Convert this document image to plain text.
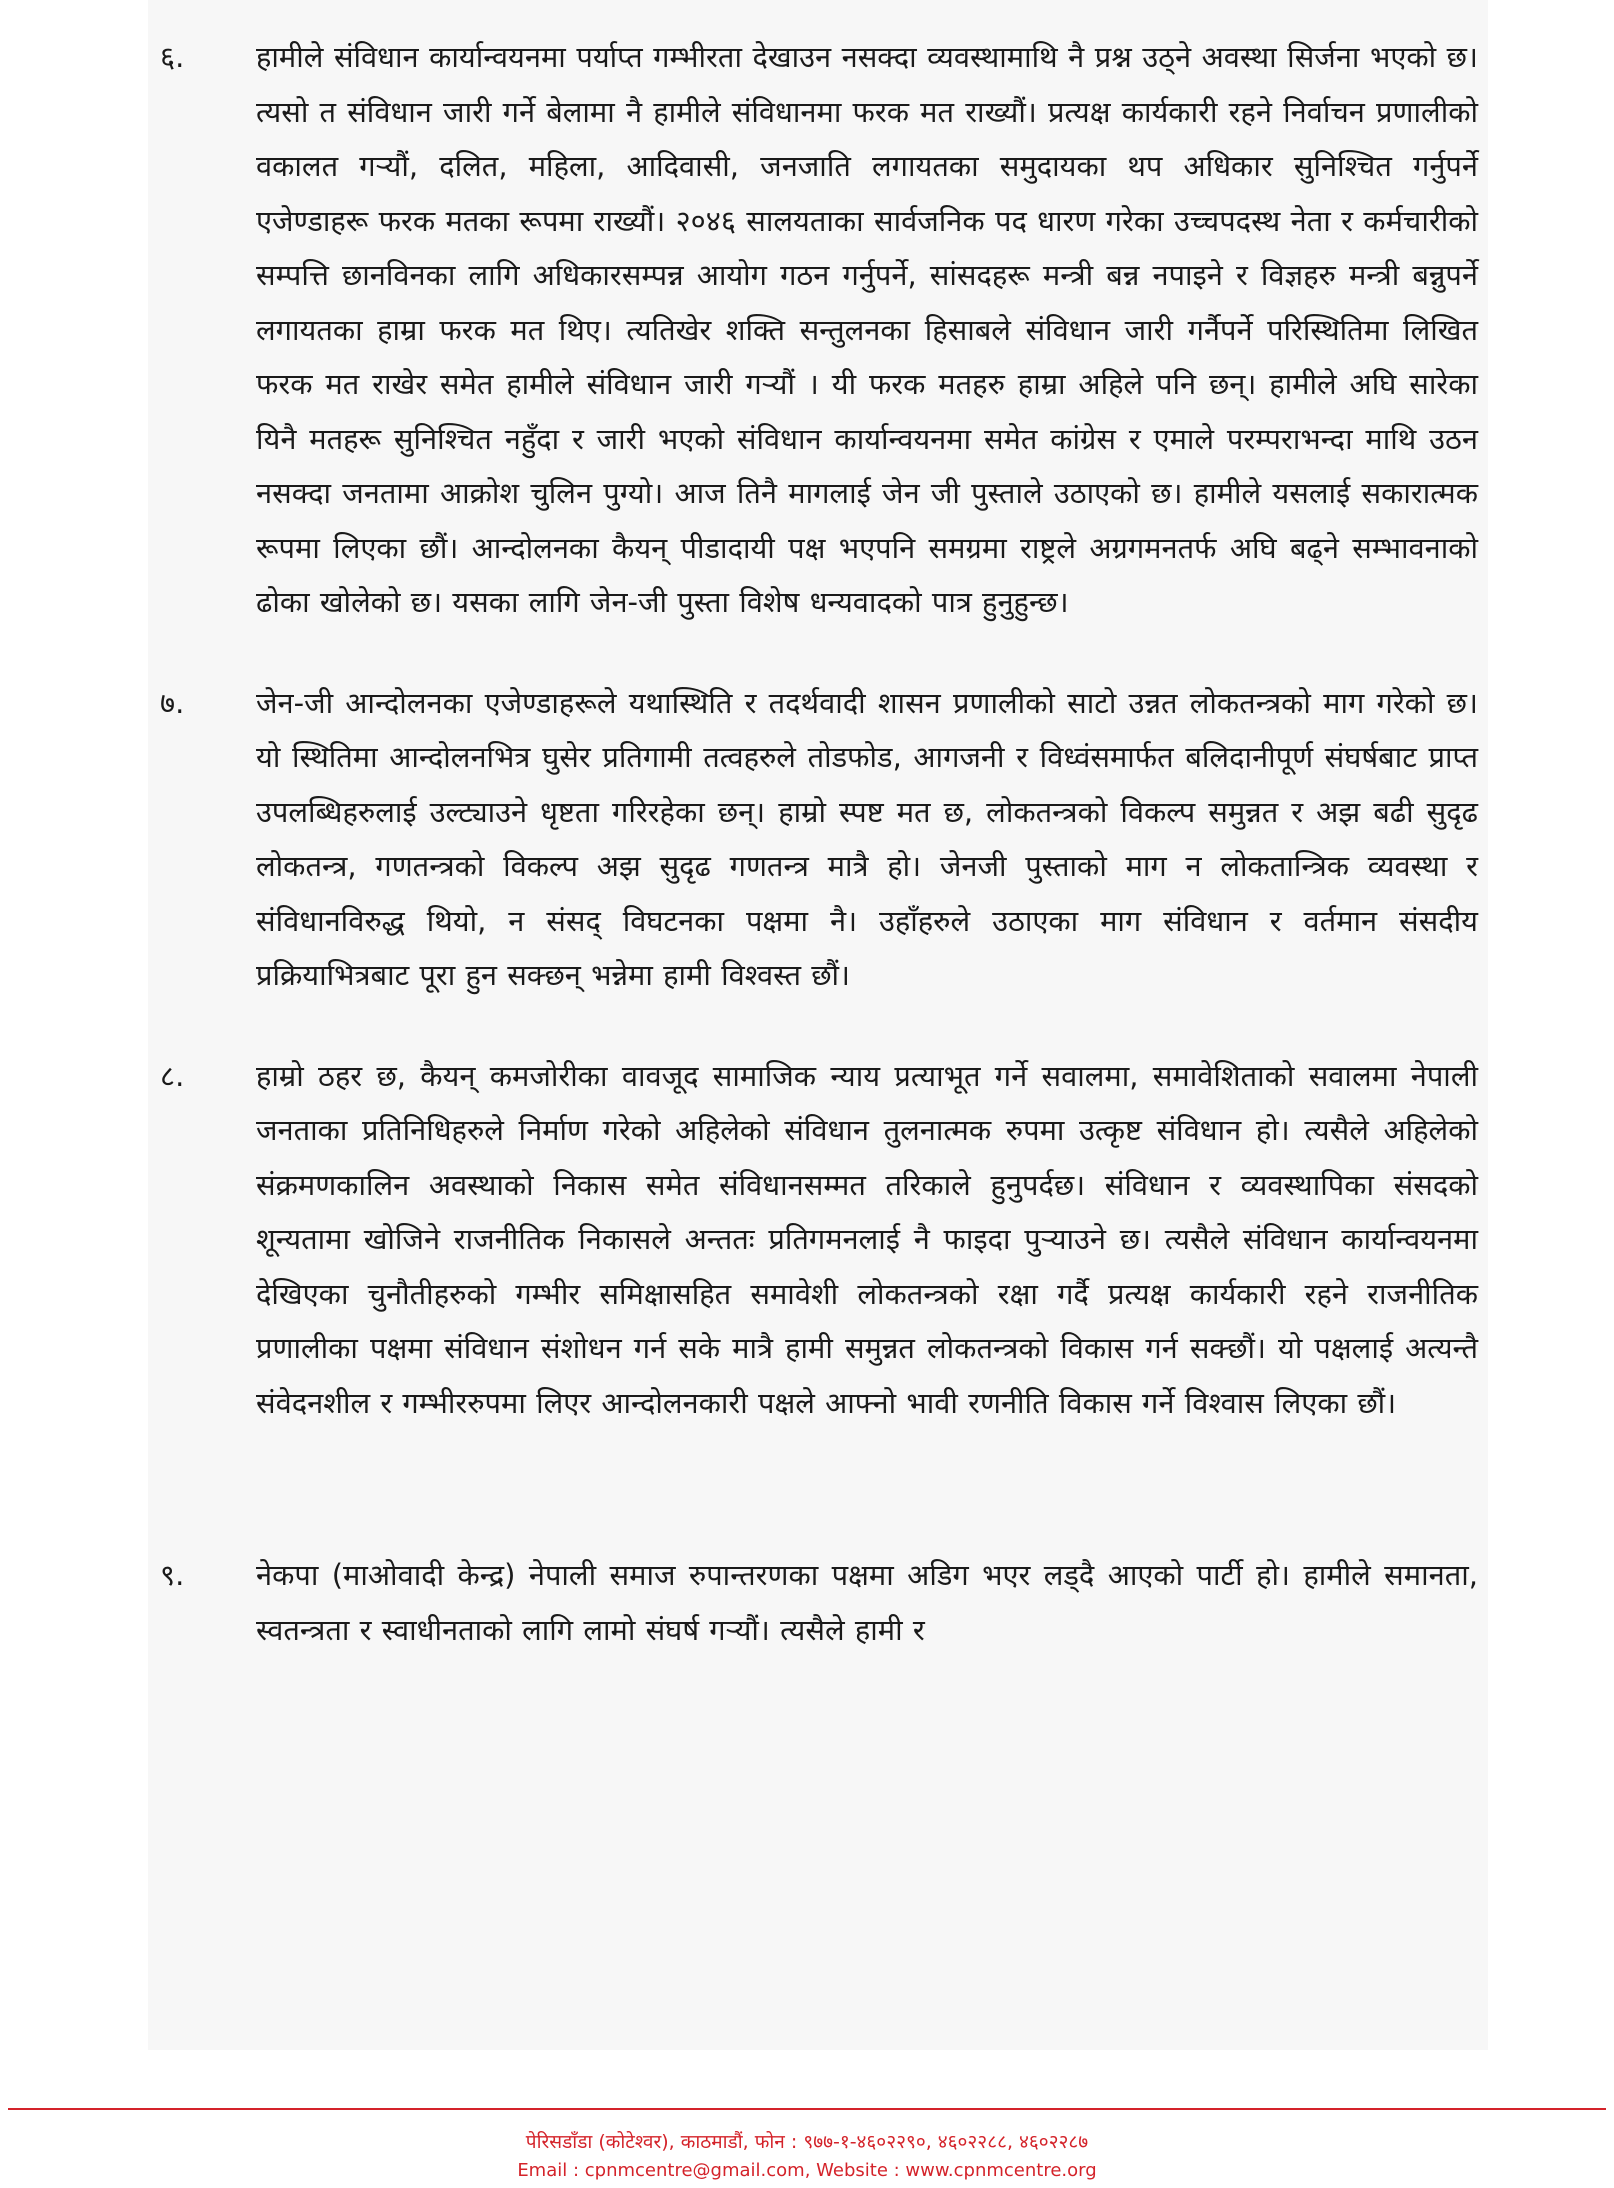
६.	हामीले संविधान कार्यान्वयनमा पर्याप्त गम्भीरता देखाउन नसक्दा व्यवस्थामाथि नै प्रश्न उठ्ने अवस्था सिर्जना भएको छ। त्यसो त संविधान जारी गर्ने बेलामा नै हामीले संविधानमा फरक मत राख्यौं। प्रत्यक्ष कार्यकारी रहने निर्वाचन प्रणालीको वकालत गर्‍यौं, दलित, महिला, आदिवासी, जनजाति लगायतका समुदायका थप अधिकार सुनिश्चित गर्नुपर्ने एजेण्डाहरू फरक मतका रूपमा राख्यौं। २०४६ सालयताका सार्वजनिक पद धारण गरेका उच्चपदस्थ नेता र कर्मचारीको सम्पत्ति छानविनका लागि अधिकारसम्पन्न आयोग गठन गर्नुपर्ने, सांसदहरू मन्त्री बन्न नपाइने र विज्ञहरु मन्त्री बन्नुपर्ने लगायतका हाम्रा फरक मत थिए। त्यतिखेर शक्ति सन्तुलनका हिसाबले संविधान जारी गर्नैपर्ने परिस्थितिमा लिखित फरक मत राखेर समेत हामीले संविधान जारी गर्‍यौं । यी फरक मतहरु हाम्रा अहिले पनि छन्। हामीले अघि सारेका यिनै मतहरू सुनिश्चित नहुँदा र जारी भएको संविधान कार्यान्वयनमा समेत कांग्रेस र एमाले परम्पराभन्दा माथि उठन नसक्दा जनतामा आक्रोश चुलिन पुग्यो। आज तिनै मागलाई जेन जी पुस्ताले उठाएको छ। हामीले यसलाई सकारात्मक रूपमा लिएका छौं। आन्दोलनका कैयन् पीडादायी पक्ष भएपनि समग्रमा राष्ट्रले अग्रगमनतर्फ अघि बढ्ने सम्भावनाको ढोका खोलेको छ। यसका लागि जेन-जी पुस्ता विशेष धन्यवादको पात्र हुनुहुन्छ।
७.	जेन-जी आन्दोलनका एजेण्डाहरूले यथास्थिति र तदर्थवादी शासन प्रणालीको साटो उन्नत लोकतन्त्रको माग गरेको छ। यो स्थितिमा आन्दोलनभित्र घुसेर प्रतिगामी तत्वहरुले तोडफोड, आगजनी र विध्वंसमार्फत बलिदानीपूर्ण संघर्षबाट प्राप्त उपलब्धिहरुलाई उल्ट्याउने धृष्टता गरिरहेका छन्। हाम्रो स्पष्ट मत छ, लोकतन्त्रको विकल्प समुन्नत र अझ बढी सुदृढ लोकतन्त्र, गणतन्त्रको विकल्प अझ सुदृढ गणतन्त्र मात्रै हो। जेनजी पुस्ताको माग न लोकतान्त्रिक व्यवस्था र संविधानविरुद्ध थियो, न संसद् विघटनका पक्षमा नै। उहाँहरुले उठाएका माग संविधान र वर्तमान संसदीय प्रक्रियाभित्रबाट पूरा हुन सक्छन् भन्नेमा हामी विश्वस्त छौं।
८.	हाम्रो ठहर छ, कैयन् कमजोरीका वावजूद सामाजिक न्याय प्रत्याभूत गर्ने सवालमा, समावेशिताको सवालमा नेपाली जनताका प्रतिनिधिहरुले निर्माण गरेको अहिलेको संविधान तुलनात्मक रुपमा उत्कृष्ट संविधान हो। त्यसैले अहिलेको संक्रमणकालिन अवस्थाको निकास समेत संविधानसम्मत तरिकाले हुनुपर्दछ। संविधान र व्यवस्थापिका संसदको शून्यतामा खोजिने राजनीतिक निकासले अन्ततः प्रतिगमनलाई नै फाइदा पुर्‍याउने छ। त्यसैले संविधान कार्यान्वयनमा देखिएका चुनौतीहरुको गम्भीर समिक्षासहित समावेशी लोकतन्त्रको रक्षा गर्दै प्रत्यक्ष कार्यकारी रहने राजनीतिक प्रणालीका पक्षमा संविधान संशोधन गर्न सके मात्रै हामी समुन्नत लोकतन्त्रको विकास गर्न सक्छौं। यो पक्षलाई अत्यन्तै संवेदनशील र गम्भीररुपमा लिएर आन्दोलनकारी पक्षले आफ्नो भावी रणनीति विकास गर्ने विश्वास लिएका छौं।
९.	नेकपा (माओवादी केन्द्र) नेपाली समाज रुपान्तरणका पक्षमा अडिग भएर लड्दै आएको पार्टी हो। हामीले समानता, स्वतन्त्रता र स्वाधीनताको लागि लामो संघर्ष गर्‍यौं। त्यसैले हामी र
पेरिसडाँडा (कोटेश्वर), काठमाडौं, फोन : ९७७-१-४६०२२९०, ४६०२२८८, ४६०२२८७
Email : cpnmcentre@gmail.com, Website : www.cpnmcentre.org
